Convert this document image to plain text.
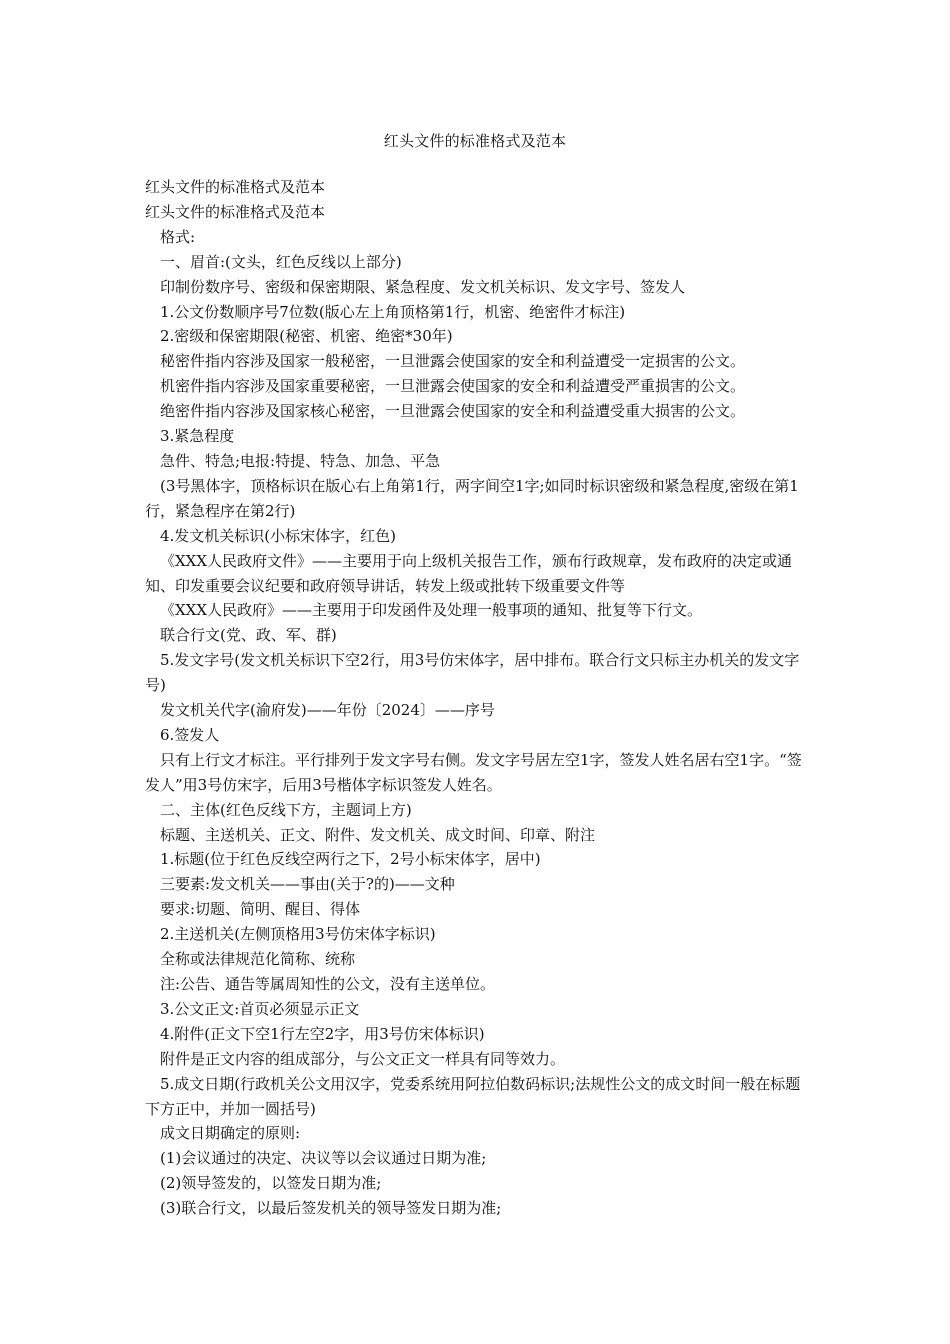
红头文件的标准格式及范本

红头文件的标准格式及范本

红头文件的标准格式及范本

格式:

一、眉首:(文头，红色反线以上部分)

印制份数序号、密级和保密期限、紧急程度、发文机关标识、发文字号、签发人

1.公文份数顺序号7位数(版心左上角顶格第1行，机密、绝密件才标注)

2.密级和保密期限(秘密、机密、绝密*30年)

秘密件指内容涉及国家一般秘密，一旦泄露会使国家的安全和利益遭受一定损害的公文。

机密件指内容涉及国家重要秘密，一旦泄露会使国家的安全和利益遭受严重损害的公文。

绝密件指内容涉及国家核心秘密，一旦泄露会使国家的安全和利益遭受重大损害的公文。

3.紧急程度

急件、特急;电报:特提、特急、加急、平急

(3号黑体字，顶格标识在版心右上角第1行，两字间空1字;如同时标识密级和紧急程度,密级在第1行，紧急程序在第2行)

4.发文机关标识(小标宋体字，红色)

《XXX人民政府文件》——主要用于向上级机关报告工作，颁布行政规章，发布政府的决定或通知、印发重要会议纪要和政府领导讲话，转发上级或批转下级重要文件等

《XXX人民政府》——主要用于印发函件及处理一般事项的通知、批复等下行文。

联合行文(党、政、军、群)

5.发文字号(发文机关标识下空2行，用3号仿宋体字，居中排布。联合行文只标主办机关的发文字号)

发文机关代字(渝府发)——年份〔2024〕——序号

6.签发人

只有上行文才标注。平行排列于发文字号右侧。发文字号居左空1字，签发人姓名居右空1字。“签发人”用3号仿宋字，后用3号楷体字标识签发人姓名。

二、主体(红色反线下方，主题词上方)

标题、主送机关、正文、附件、发文机关、成文时间、印章、附注

1.标题(位于红色反线空两行之下，2号小标宋体字，居中)

三要素:发文机关——事由(关于?的)——文种

要求:切题、简明、醒目、得体

2.主送机关(左侧顶格用3号仿宋体字标识)

全称或法律规范化简称、统称

注:公告、通告等属周知性的公文，没有主送单位。

3.公文正文:首页必须显示正文

4.附件(正文下空1行左空2字，用3号仿宋体标识)

附件是正文内容的组成部分，与公文正文一样具有同等效力。

5.成文日期(行政机关公文用汉字，党委系统用阿拉伯数码标识;法规性公文的成文时间一般在标题下方正中，并加一圆括号)

成文日期确定的原则:

(1)会议通过的决定、决议等以会议通过日期为准;

(2)领导签发的，以签发日期为准;

(3)联合行文，以最后签发机关的领导签发日期为准;
